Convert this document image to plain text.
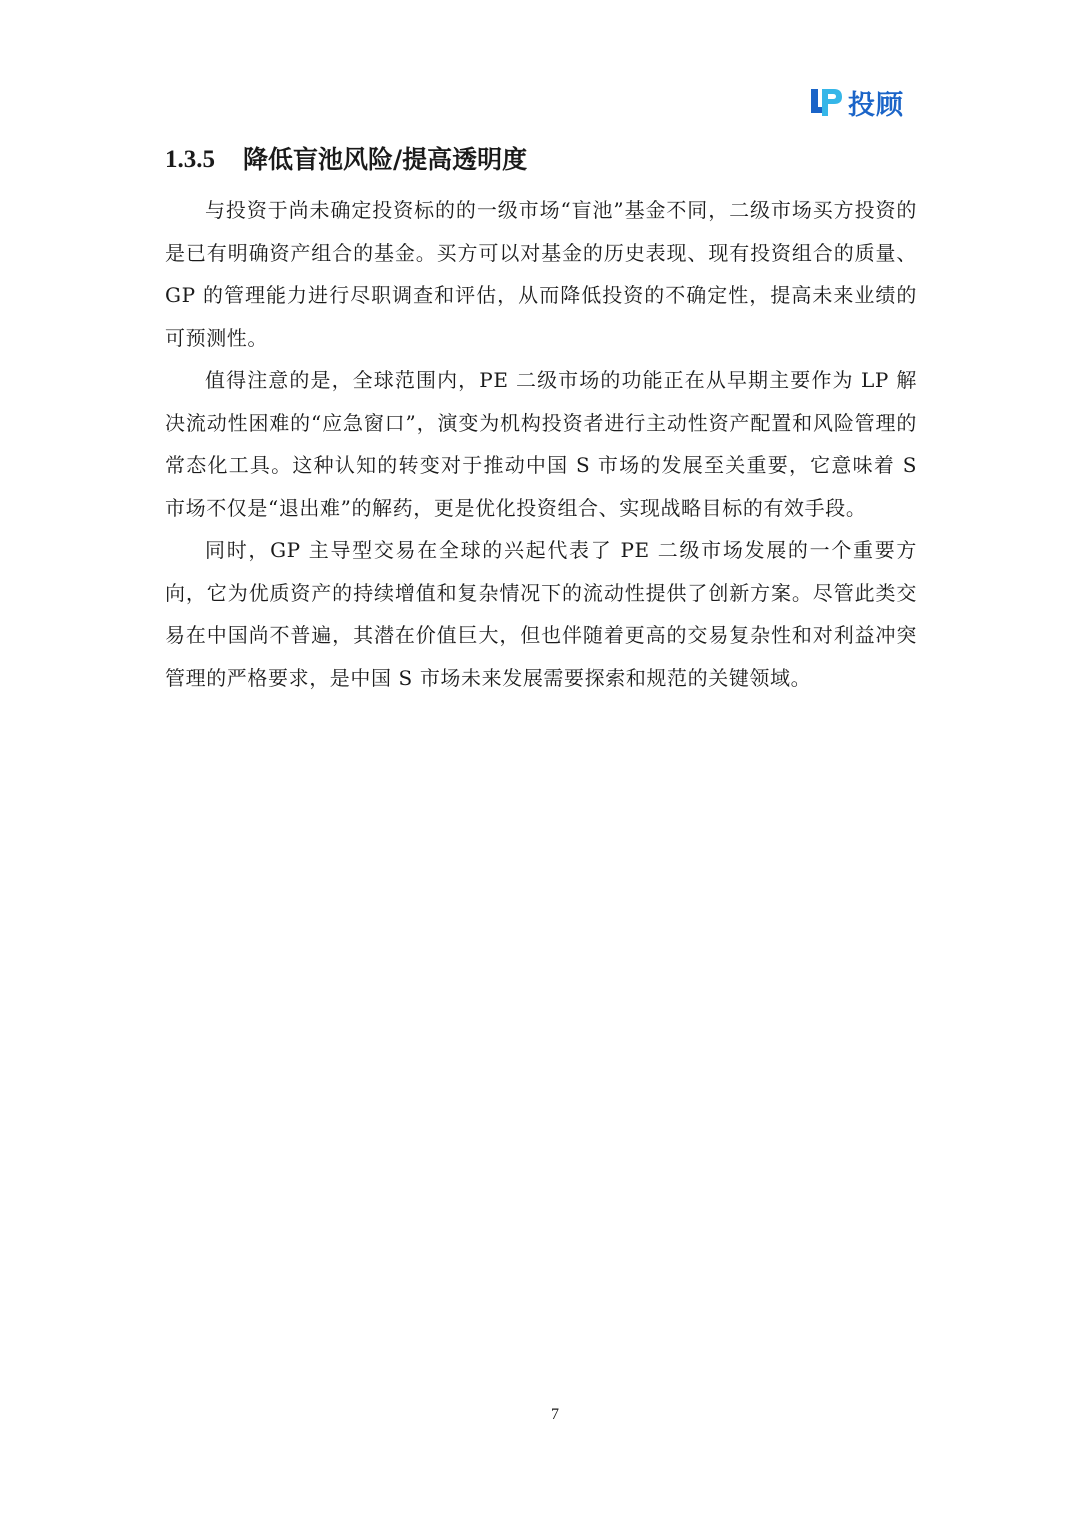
投顾
1.3.5	降低盲池风险/提高透明度

与投资于尚未确定投资标的的一级市场“盲池”基金不同，二级市场买方投资的是已有明确资产组合的基金。买方可以对基金的历史表现、现有投资组合的质量、GP 的管理能力进行尽职调查和评估，从而降低投资的不确定性，提高未来业绩的可预测性。

值得注意的是，全球范围内，PE 二级市场的功能正在从早期主要作为 LP 解决流动性困难的“应急窗口”，演变为机构投资者进行主动性资产配置和风险管理的常态化工具。这种认知的转变对于推动中国 S 市场的发展至关重要，它意味着 S 市场不仅是“退出难”的解药，更是优化投资组合、实现战略目标的有效手段。

同时，GP 主导型交易在全球的兴起代表了 PE 二级市场发展的一个重要方向，它为优质资产的持续增值和复杂情况下的流动性提供了创新方案。尽管此类交易在中国尚不普遍，其潜在价值巨大，但也伴随着更高的交易复杂性和对利益冲突管理的严格要求，是中国 S 市场未来发展需要探索和规范的关键领域。

7
